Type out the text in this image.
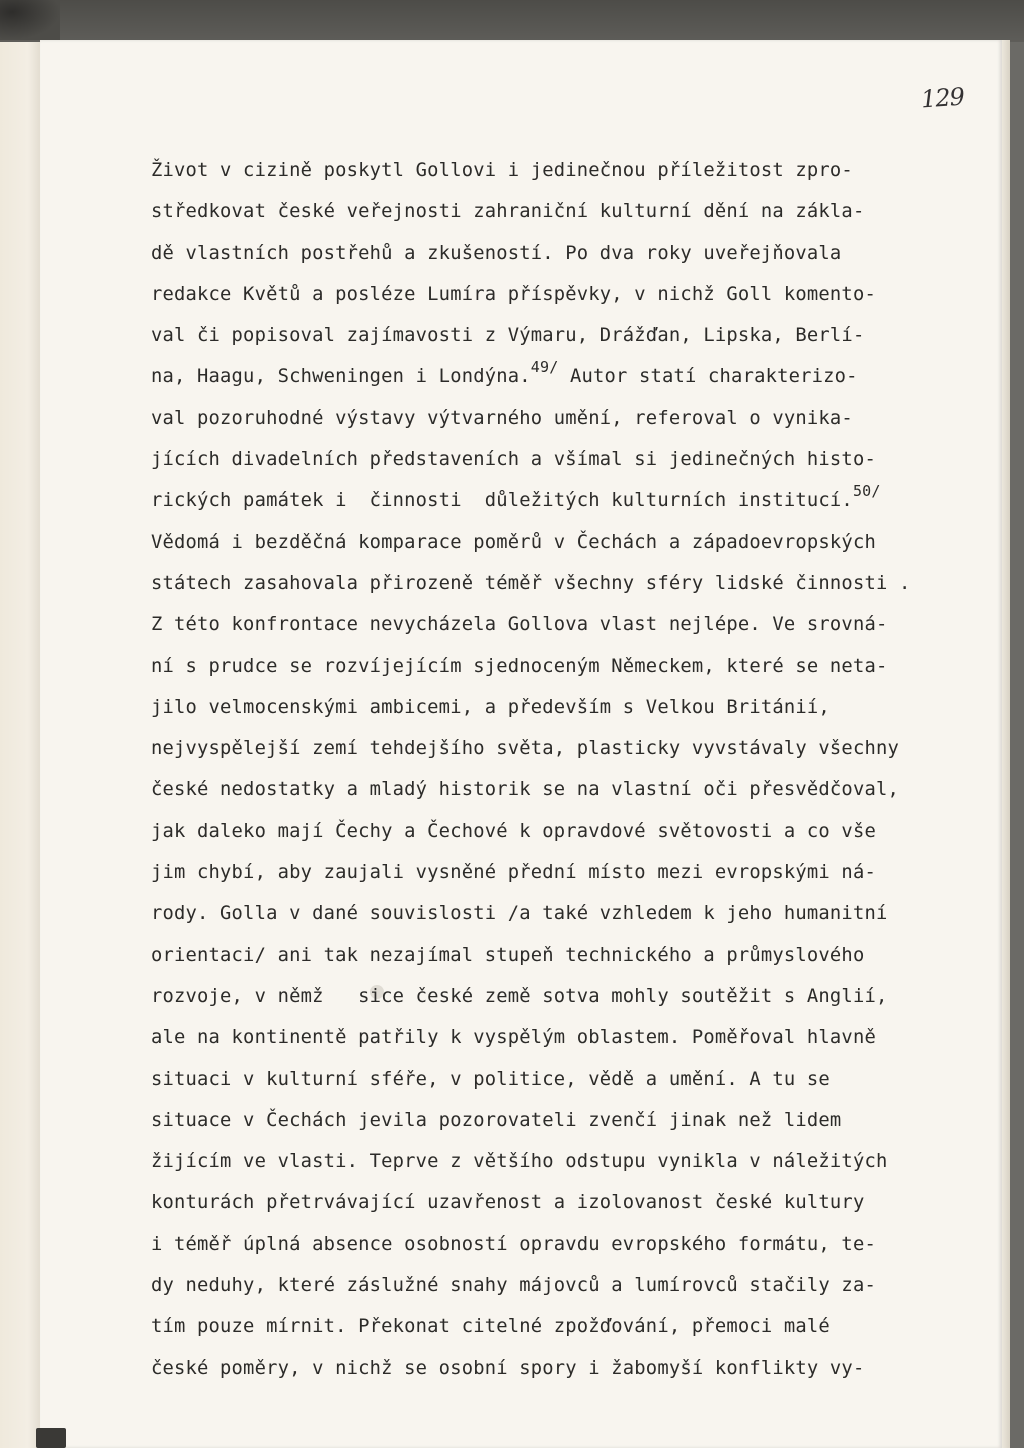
129
Život v cizině poskytl Gollovi i jedinečnou příležitost zpro-
středkovat české veřejnosti zahraniční kulturní dění na zákla-
dě vlastních postřehů a zkušeností. Po dva roky uveřejňovala
redakce Květů a posléze Lumíra příspěvky, v nichž Goll komento-
val či popisoval zajímavosti z Výmaru, Drážďan, Lipska, Berlí-
na, Haagu, Schweningen i Londýna.$^{49/}$ Autor statí charakterizo-
val pozoruhodné výstavy výtvarného umění, referoval o vynika-
jících divadelních představeních a všímal si jedinečných histo-
rických památek i  činnosti  důležitých kulturních institucí.$^{50/}$
Vědomá i bezděčná komparace poměrů v Čechách a západoevropských
státech zasahovala přirozeně téměř všechny sféry lidské činnosti .
Z této konfrontace nevycházela Gollova vlast nejlépe. Ve srovná-
ní s prudce se rozvíjejícím sjednoceným Německem, které se neta-
jilo velmocenskými ambicemi, a především s Velkou Británií,
nejvyspělejší zemí tehdejšího světa, plasticky vyvstávaly všechny
české nedostatky a mladý historik se na vlastní oči přesvědčoval,
jak daleko mají Čechy a Čechové k opravdové světovosti a co vše
jim chybí, aby zaujali vysněné přední místo mezi evropskými ná-
rody. Golla v dané souvislosti /a také vzhledem k jeho humanitní
orientaci/ ani tak nezajímal stupeň technického a průmyslového
rozvoje, v němž   sice české země sotva mohly soutěžit s Anglií,
ale na kontinentě patřily k vyspělým oblastem. Poměřoval hlavně
situaci v kulturní sféře, v politice, vědě a umění. A tu se
situace v Čechách jevila pozorovateli zvenčí jinak než lidem
žijícím ve vlasti. Teprve z většího odstupu vynikla v náležitých
konturách přetrvávající uzavřenost a izolovanost české kultury
i téměř úplná absence osobností opravdu evropského formátu, te-
dy neduhy, které záslužné snahy májovců a lumírovců stačily za-
tím pouze mírnit. Překonat citelné zpožďování, přemoci malé
české poměry, v nichž se osobní spory i žabomyší konflikty vy-
